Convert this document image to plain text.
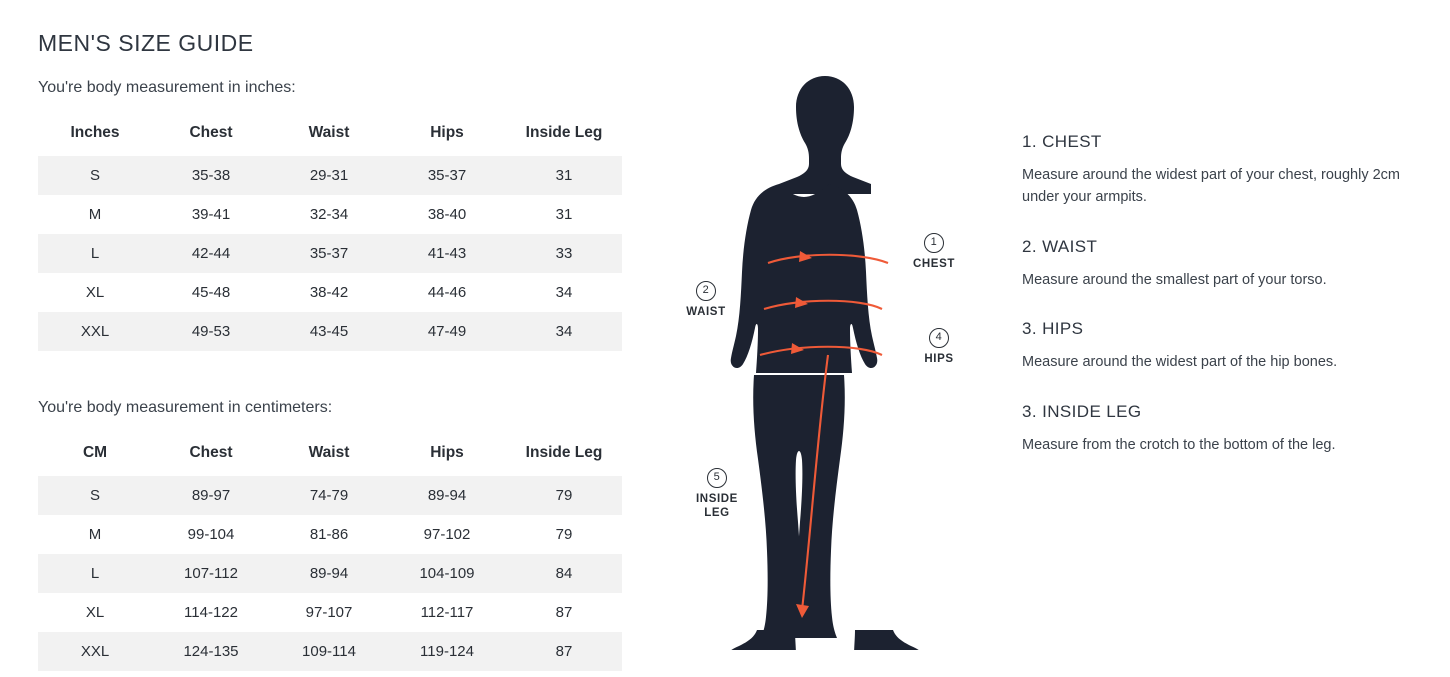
MEN'S SIZE GUIDE

You're body measurement in inches:

Inches	Chest	Waist	Hips	Inside Leg
S	35-38	29-31	35-37	31
M	39-41	32-34	38-40	31
L	42-44	35-37	41-43	33
XL	45-48	38-42	44-46	34
XXL	49-53	43-45	47-49	34

You're body measurement in centimeters:

CM	Chest	Waist	Hips	Inside Leg
S	89-97	74-79	89-94	79
M	99-104	81-86	97-102	79
L	107-112	89-94	104-109	84
XL	114-122	97-107	112-117	87
XXL	124-135	109-114	119-124	87
1
CHEST
2
WAIST
4
HIPS
5
INSIDE
LEG
1. CHEST

Measure around the widest part of your chest, roughly 2cm under your armpits.

2. WAIST

Measure around the smallest part of your torso.

3. HIPS

Measure around the widest part of the hip bones.

3. INSIDE LEG

Measure from the crotch to the bottom of the leg.
